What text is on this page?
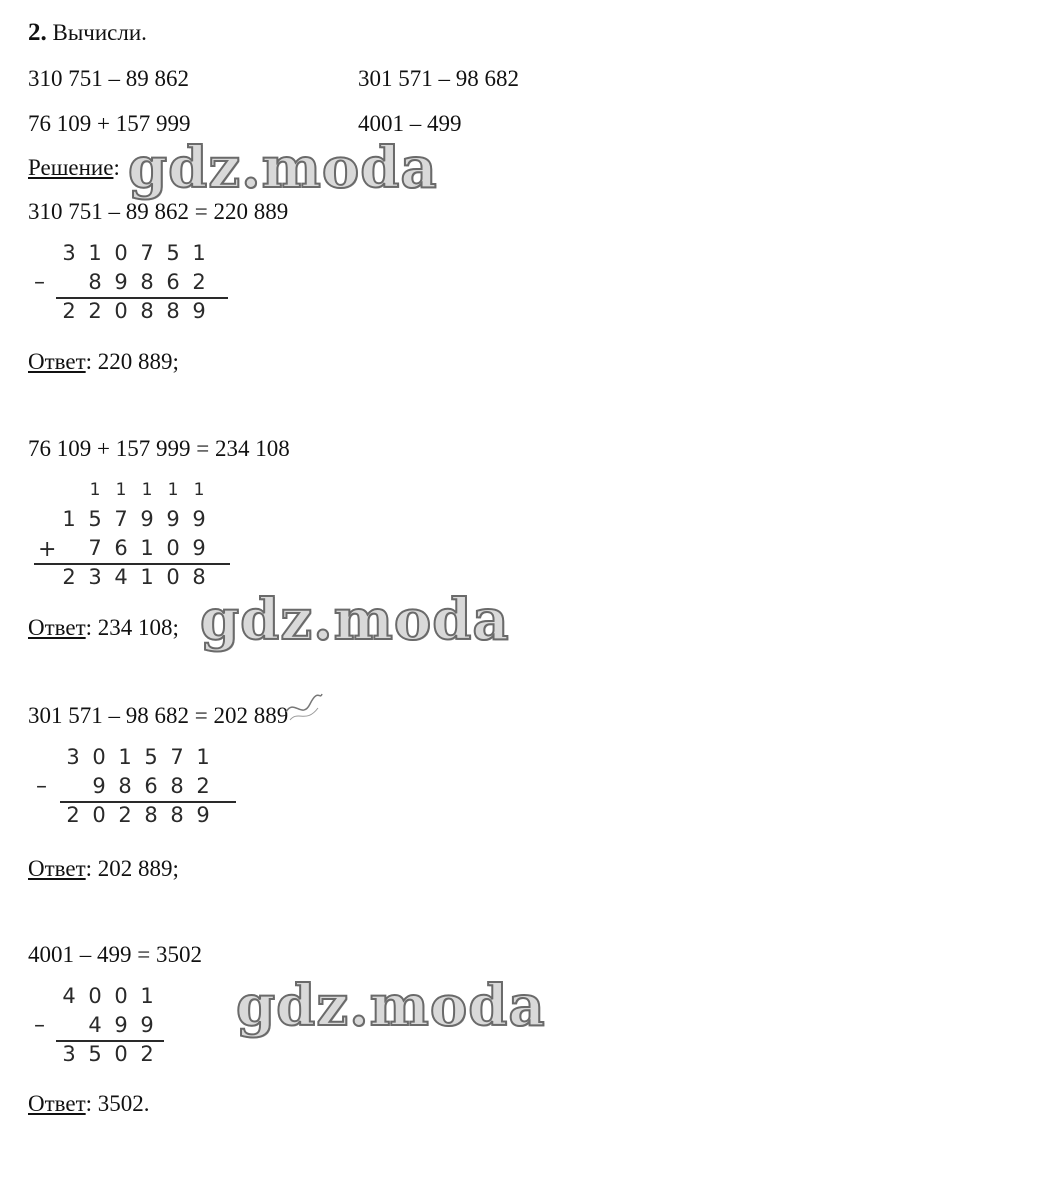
2. Вычисли.
310 751 – 89 862	301 571 – 98 682
76 109 + 157 999	4001 – 499
Решение:
310 751 – 89 862 = 220 889
–
3 1 0 7 5 1
8 9 8 6 2
2 2 0 8 8 9
Ответ: 220 889;
76 109 + 157 999 = 234 108
+
1 1 1 1 1
1 5 7 9 9 9
7 6 1 0 9
2 3 4 1 0 8
Ответ: 234 108;
301 571 – 98 682 = 202 889
–
3 0 1 5 7 1
9 8 6 8 2
2 0 2 8 8 9
Ответ: 202 889;
4001 – 499 = 3502
–
4 0 0 1
4 9 9
3 5 0 2
Ответ: 3502.
gdz.moda
gdz.moda
gdz.moda
